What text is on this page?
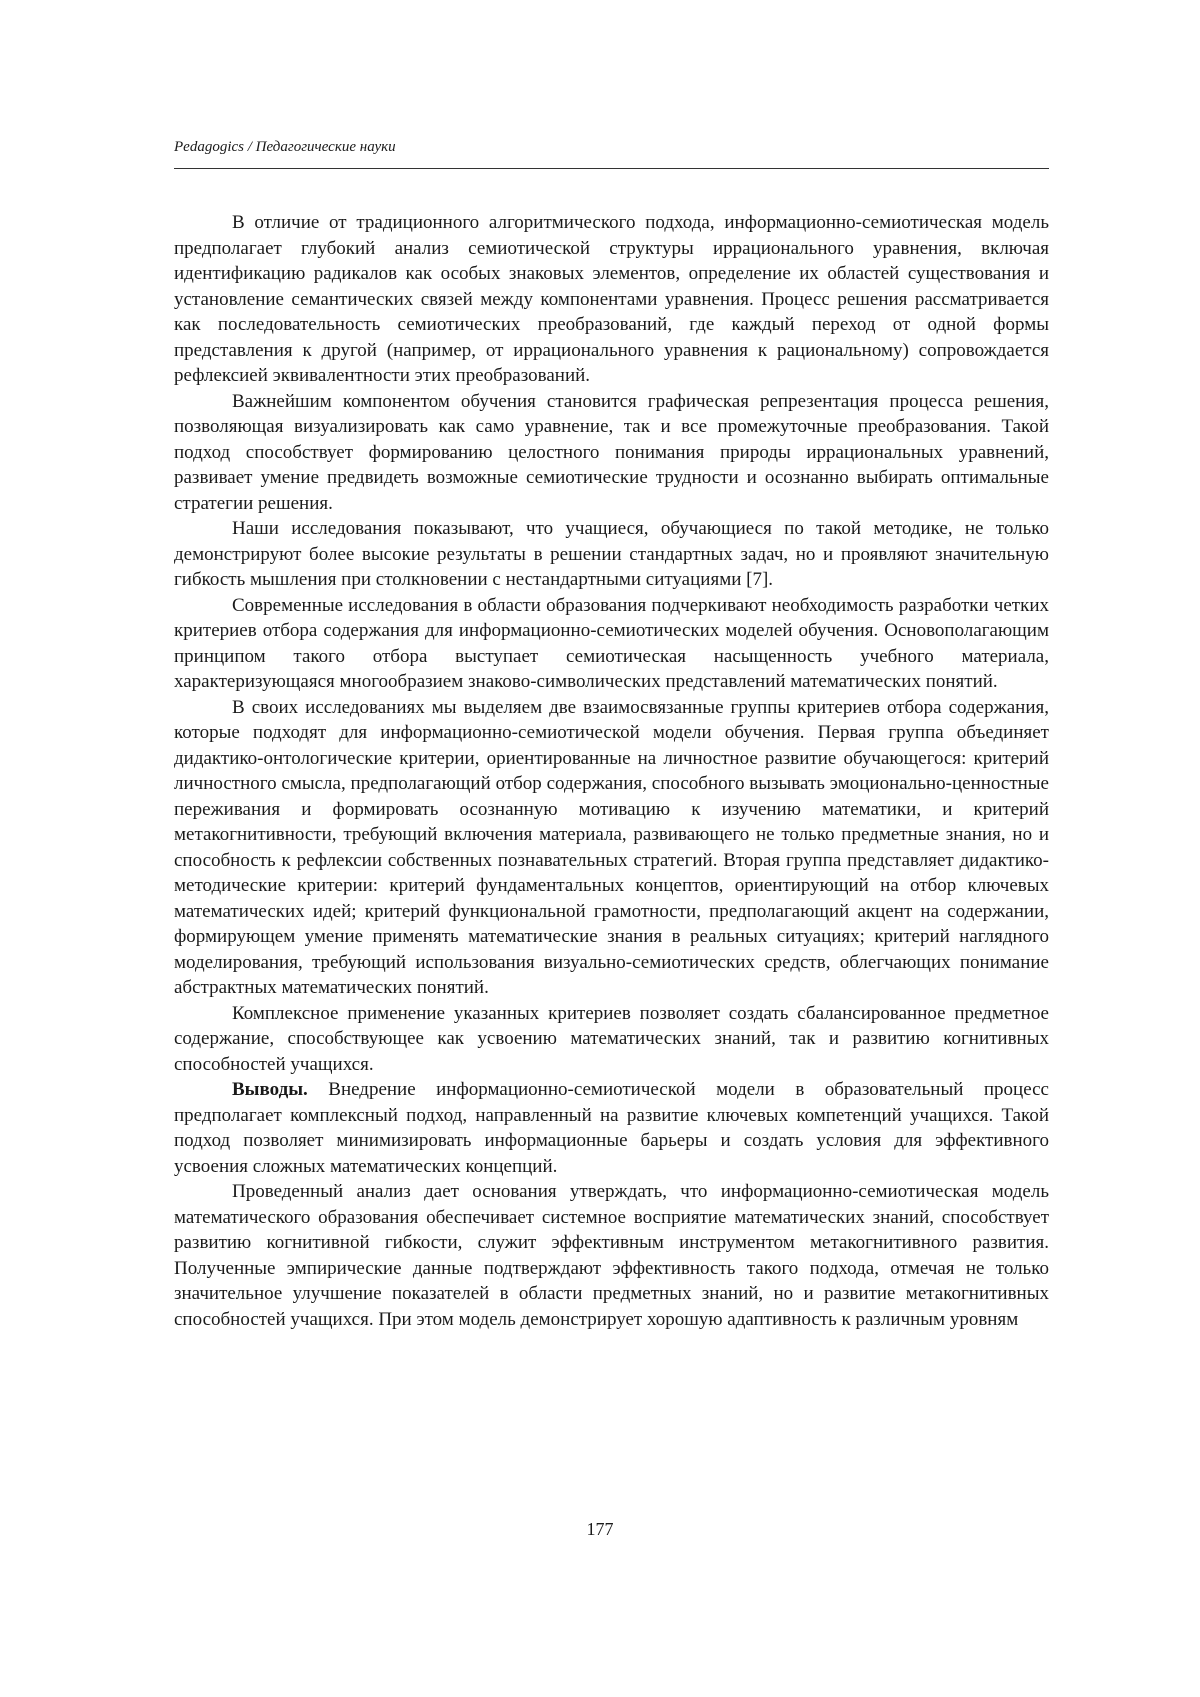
Pedagogics / Педагогические науки

В отличие от традиционного алгоритмического подхода, информационно-семиотическая модель предполагает глубокий анализ семиотической структуры иррационального уравнения, включая идентификацию радикалов как особых знаковых элементов, определение их областей существования и установление семантических связей между компонентами уравнения. Процесс решения рассматривается как последовательность семиотических преобразований, где каждый переход от одной формы представления к другой (например, от иррационального уравнения к рациональному) сопровождается рефлексией эквивалентности этих преобразований.

Важнейшим компонентом обучения становится графическая репрезентация процесса решения, позволяющая визуализировать как само уравнение, так и все промежуточные преобразования. Такой подход способствует формированию целостного понимания природы иррациональных уравнений, развивает умение предвидеть возможные семиотические трудности и осознанно выбирать оптимальные стратегии решения.

Наши исследования показывают, что учащиеся, обучающиеся по такой методике, не только демонстрируют более высокие результаты в решении стандартных задач, но и проявляют значительную гибкость мышления при столкновении с нестандартными ситуациями [7].

Современные исследования в области образования подчеркивают необходимость разработки четких критериев отбора содержания для информационно-семиотических моделей обучения. Основополагающим принципом такого отбора выступает семиотическая насыщенность учебного материала, характеризующаяся многообразием знаково-символических представлений математических понятий.

В своих исследованиях мы выделяем две взаимосвязанные группы критериев отбора содержания, которые подходят для информационно-семиотической модели обучения. Первая группа объединяет дидактико-онтологические критерии, ориентированные на личностное развитие обучающегося: критерий личностного смысла, предполагающий отбор содержания, способного вызывать эмоционально-ценностные переживания и формировать осознанную мотивацию к изучению математики, и критерий метакогнитивности, требующий включения материала, развивающего не только предметные знания, но и способность к рефлексии собственных познавательных стратегий. Вторая группа представляет дидактико-методические критерии: критерий фундаментальных концептов, ориентирующий на отбор ключевых математических идей; критерий функциональной грамотности, предполагающий акцент на содержании, формирующем умение применять математические знания в реальных ситуациях; критерий наглядного моделирования, требующий использования визуально-семиотических средств, облегчающих понимание абстрактных математических понятий.

Комплексное применение указанных критериев позволяет создать сбалансированное предметное содержание, способствующее как усвоению математических знаний, так и развитию когнитивных способностей учащихся.

Выводы. Внедрение информационно-семиотической модели в образовательный процесс предполагает комплексный подход, направленный на развитие ключевых компетенций учащихся. Такой подход позволяет минимизировать информационные барьеры и создать условия для эффективного усвоения сложных математических концепций.

Проведенный анализ дает основания утверждать, что информационно-семиотическая модель математического образования обеспечивает системное восприятие математических знаний, способствует развитию когнитивной гибкости, служит эффективным инструментом метакогнитивного развития. Полученные эмпирические данные подтверждают эффективность такого подхода, отмечая не только значительное улучшение показателей в области предметных знаний, но и развитие метакогнитивных способностей учащихся. При этом модель демонстрирует хорошую адаптивность к различным уровням

177
